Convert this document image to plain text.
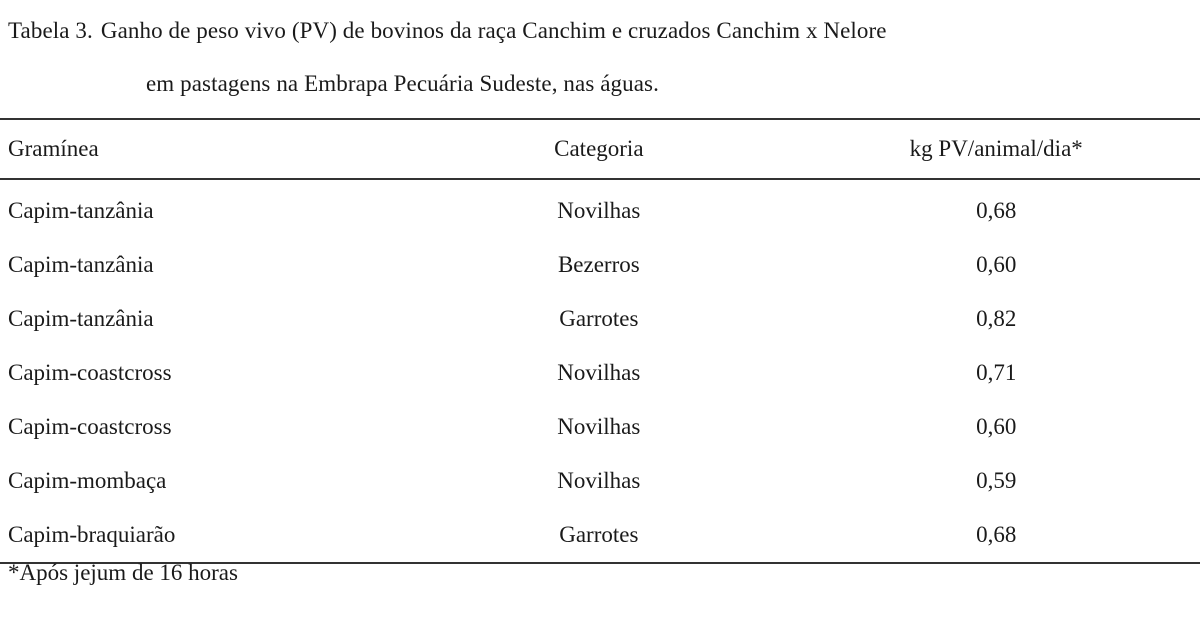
Tabela 3. Ganho de peso vivo (PV) de bovinos da raça Canchim e cruzados Canchim x Nelore
em pastagens na Embrapa Pecuária Sudeste, nas águas.
Gramínea	Categoria	kg PV/animal/dia*
Capim-tanzânia	Novilhas	0,68
Capim-tanzânia	Bezerros	0,60
Capim-tanzânia	Garrotes	0,82
Capim-coastcross	Novilhas	0,71
Capim-coastcross	Novilhas	0,60
Capim-mombaça	Novilhas	0,59
Capim-braquiarão	Garrotes	0,68
*Após jejum de 16 horas
